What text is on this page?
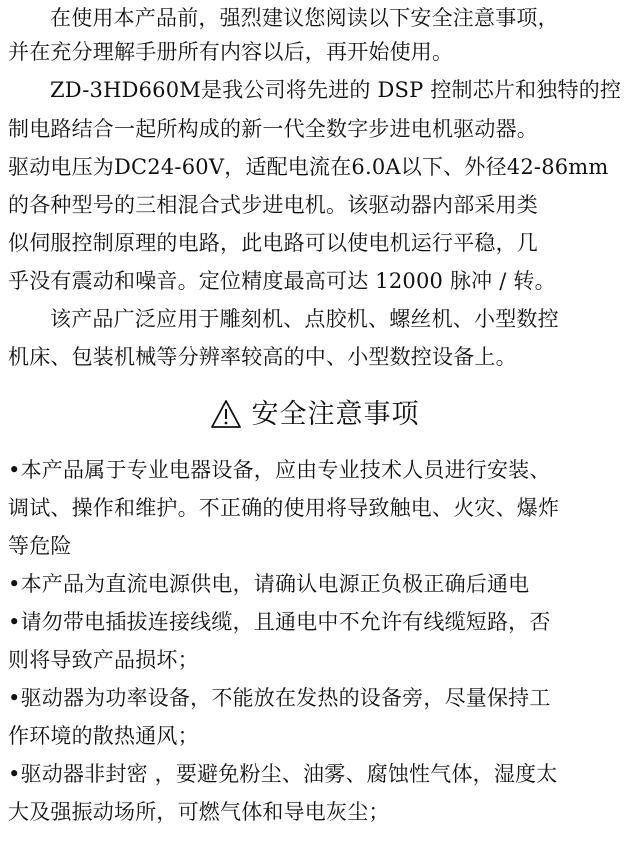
在使用本产品前，强烈建议您阅读以下安全注意事项，
并在充分理解手册所有内容以后，再开始使用。
ZD-3HD660M是我公司将先进的 DSP 控制芯片和独特的控
制电路结合一起所构成的新一代全数字步进电机驱动器。
驱动电压为DC24-60V，适配电流在6.0A以下、外径42-86mm
的各种型号的三相混合式步进电机。该驱动器内部采用类
似伺服控制原理的电路，此电路可以使电机运行平稳，几
乎没有震动和噪音。定位精度最高可达 12000 脉冲 / 转。
该产品广泛应用于雕刻机、点胶机、螺丝机、小型数控
机床、包装机械等分辨率较高的中、小型数控设备上。
安全注意事项
•本产品属于专业电器设备，应由专业技术人员进行安装、
调试、操作和维护。不正确的使用将导致触电、火灾、爆炸
等危险
•本产品为直流电源供电，请确认电源正负极正确后通电
•请勿带电插拔连接线缆，且通电中不允许有线缆短路，否
则将导致产品损坏；
•驱动器为功率设备，不能放在发热的设备旁，尽量保持工
作环境的散热通风；
•驱动器非封密 ，要避免粉尘、油雾、腐蚀性气体，湿度太
大及强振动场所，可燃气体和导电灰尘；
